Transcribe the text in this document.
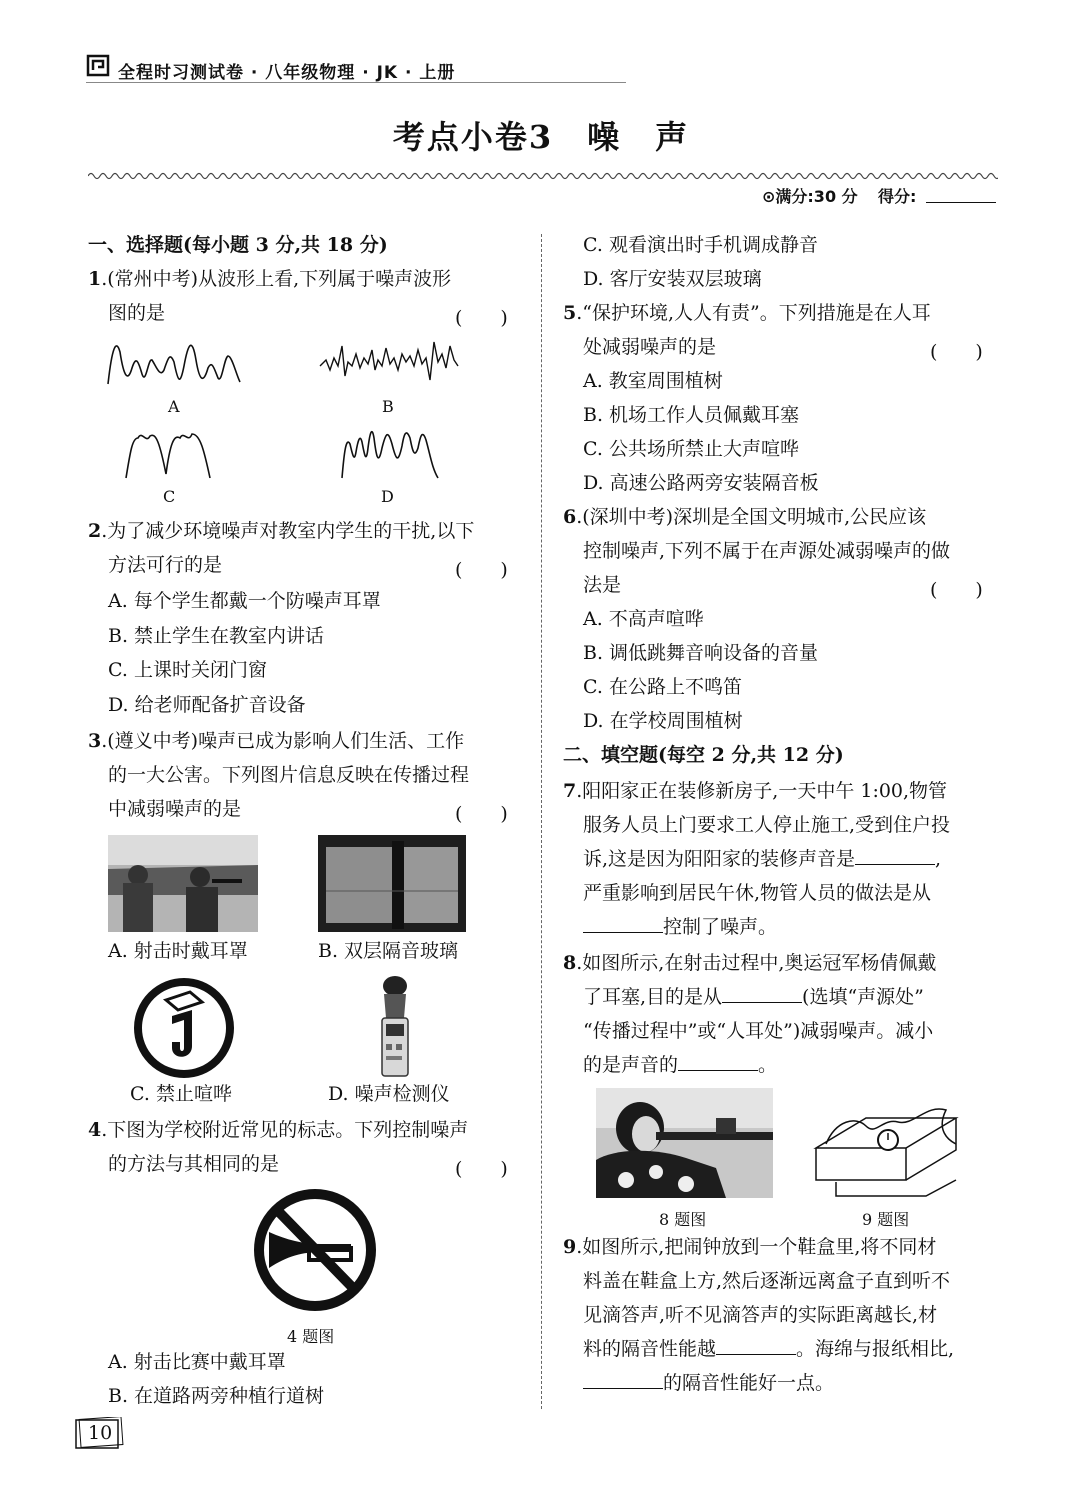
全程时习测试卷 · 八年级物理 · JK · 上册
考点小卷3　噪　声
⊙满分:30 分 得分:
一、选择题(每小题 3 分,共 18 分)
1.(常州中考)从波形上看,下列属于噪声波形
图的是	(　　)
A	B
C	D
2.为了减少环境噪声对教室内学生的干扰,以下
方法可行的是	(　　)
A. 每个学生都戴一个防噪声耳罩
B. 禁止学生在教室内讲话
C. 上课时关闭门窗
D. 给老师配备扩音设备
3.(遵义中考)噪声已成为影响人们生活、工作
的一大公害。下列图片信息反映在传播过程
中减弱噪声的是	(　　)
A. 射击时戴耳罩	B. 双层隔音玻璃
C. 禁止喧哗	D. 噪声检测仪
4.下图为学校附近常见的标志。下列控制噪声
的方法与其相同的是	(　　)
4 题图
A. 射击比赛中戴耳罩
B. 在道路两旁种植行道树
10
C. 观看演出时手机调成静音
D. 客厅安装双层玻璃
5.“保护环境,人人有责”。下列措施是在人耳
处减弱噪声的是	(　　)
A. 教室周围植树
B. 机场工作人员佩戴耳塞
C. 公共场所禁止大声喧哗
D. 高速公路两旁安装隔音板
6.(深圳中考)深圳是全国文明城市,公民应该
控制噪声,下列不属于在声源处减弱噪声的做
法是	(　　)
A. 不高声喧哗
B. 调低跳舞音响设备的音量
C. 在公路上不鸣笛
D. 在学校周围植树
二、填空题(每空 2 分,共 12 分)
7.阳阳家正在装修新房子,一天中午 1:00,物管
服务人员上门要求工人停止施工,受到住户投
诉,这是因为阳阳家的装修声音是	,
严重影响到居民午休,物管人员的做法是从
控制了噪声。
8.如图所示,在射击过程中,奥运冠军杨倩佩戴
了耳塞,目的是从	(选填“声源处”
“传播过程中”或“人耳处”)减弱噪声。减小
的是声音的	。
8 题图	9 题图
9.如图所示,把闹钟放到一个鞋盒里,将不同材
料盖在鞋盒上方,然后逐渐远离盒子直到听不
见滴答声,听不见滴答声的实际距离越长,材
料的隔音性能越	。海绵与报纸相比,
的隔音性能好一点。
